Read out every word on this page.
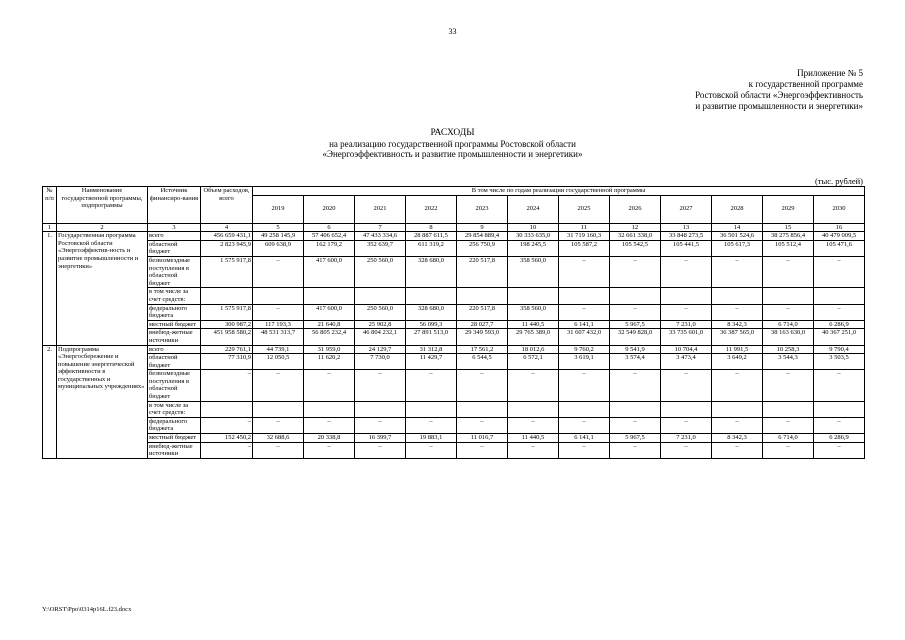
33
Приложение № 5
к государственной программе
Ростовской области «Энергоэффективность
и развитие промышленности и энергетики»
РАСХОДЫ
на реализацию государственной программы Ростовской области
«Энергоэффективность и развитие промышленности и энергетики»
(тыс. рублей)
№ п/п	Наименование государственной программы, подпрограммы	Источник финансиро-вания	Объем расходов, всего	В том числе по годам реализации государственной программы											
				2019	2020	2021	2022	2023	2024	2025	2026	2027	2028	2029	2030
1	2	3	4	5	6	7	8	9	10	11	12	13	14	15	16
1.	Государственная программа Ростовской области «Энергоэффектив-ность и развитие промышленности и энергетики»	всего	456 659 431,1	49 258 145,9	57 406 652,4	47 433 334,6	28 887 611,5	29 854 889,4	30 333 635,0	31 719 160,3	32 661 338,0	33 848 273,5	36 501 524,6	38 275 856,4	40 479 009,5
		областной бюджет	2 823 945,9	609 638,9	162 179,2	352 639,7	611 319,2	256 750,9	198 245,5	105 587,2	105 542,5	105 441,5	105 617,3	105 512,4	105 471,6
		безвозмездные поступления в областной бюджет	1 575 917,8	–	417 600,0	250 560,0	328 680,0	220 517,8	358 560,0	–	–	–	–	–	–
		в том числе за счет средств:													
		федерального бюджета	1 575 917,8	–	417 600,0	250 560,0	328 680,0	220 517,8	358 560,0	–	–	–	–	–	–
		местный бюджет	300 987,2	117 193,3	21 640,8	25 902,8	56 099,3	28 027,7	11 440,5	6 141,1	5 967,5	7 231,0	8 342,3	6 714,0	6 286,9
		внебюд-жетные источники	451 958 580,2	48 531 313,7	56 805 232,4	46 804 232,1	27 891 513,0	29 349 593,0	29 765 389,0	31 607 432,0	32 549 828,0	33 735 601,0	36 387 565,0	38 163 630,0	40 367 251,0
2.	Подпрограмма «Энергосбережение и повышение энергетической эффективности в государственных и муниципальных учреждениях»	всего	229 761,1	44 739,1	31 959,0	24 129,7	31 312,8	17 561,2	18 012,6	9 760,2	9 541,9	10 704,4	11 991,5	10 258,3	9 790,4
		областной бюджет	77 310,9	12 050,5	11 620,2	7 730,0	11 429,7	6 544,5	6 572,1	3 619,1	3 574,4	3 473,4	3 649,2	3 544,3	3 503,5
		безвозмездные поступления в областной бюджет	–	–	–	–	–	–	–	–	–	–	–	–	–
		в том числе за счет средств:													
		федерального бюджета	–	–	–	–	–	–	–	–	–	–	–	–	–
		местный бюджет	152 450,2	32 688,6	20 338,8	16 399,7	19 883,1	11 016,7	11 440,5	6 141,1	5 967,5	7 231,0	8 342,3	6 714,0	6 286,9
		внебюд-жетные источники	–	–	–	–	–	–	–	–	–	–	–	–	–
Y:\ORST\Ppo\0314p16L.f23.docx
